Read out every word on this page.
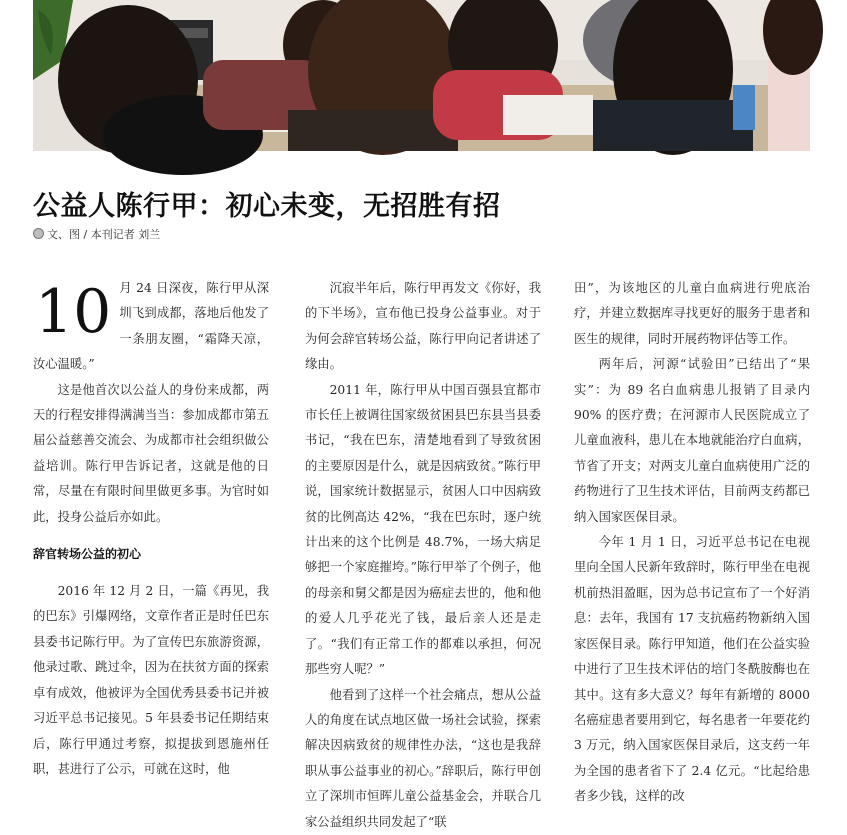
公益人陈行甲：初心未变，无招胜有招
文、图 / 本刊记者 刘兰
10 月 24 日深夜，陈行甲从深圳飞到成都，落地后他发了一条朋友圈，“霜降天凉，汝心温暖。”

这是他首次以公益人的身份来成都，两天的行程安排得满满当当：参加成都市第五届公益慈善交流会、为成都市社会组织做公益培训。陈行甲告诉记者，这就是他的日常，尽量在有限时间里做更多事。为官时如此，投身公益后亦如此。

辞官转场公益的初心

2016 年 12 月 2 日，一篇《再见，我的巴东》引爆网络，文章作者正是时任巴东县委书记陈行甲。为了宣传巴东旅游资源，他录过歌、跳过伞，因为在扶贫方面的探索卓有成效，他被评为全国优秀县委书记并被习近平总书记接见。5 年县委书记任期结束后，陈行甲通过考察，拟提拔到恩施州任职，甚进行了公示，可就在这时，他

沉寂半年后，陈行甲再发文《你好，我的下半场》，宣布他已投身公益事业。对于为何会辞官转场公益，陈行甲向记者讲述了缘由。

2011 年，陈行甲从中国百强县宜都市市长任上被调往国家级贫困县巴东县当县委书记，“我在巴东，清楚地看到了导致贫困的主要原因是什么，就是因病致贫。”陈行甲说，国家统计数据显示，贫困人口中因病致贫的比例高达 42%，“我在巴东时，逐户统计出来的这个比例是 48.7%，一场大病足够把一个家庭摧垮。”陈行甲举了个例子，他的母亲和舅父都是因为癌症去世的，他和他的爱人几乎花光了钱，最后亲人还是走了。“我们有正常工作的都难以承担，何况那些穷人呢？”

他看到了这样一个社会痛点，想从公益人的角度在试点地区做一场社会试验，探索解决因病致贫的规律性办法，“这也是我辞职从事公益事业的初心。”辞职后，陈行甲创立了深圳市恒晖儿童公益基金会，并联合几家公益组织共同发起了“联

田”，为该地区的儿童白血病进行兜底治疗，并建立数据库寻找更好的服务于患者和医生的规律，同时开展药物评估等工作。

两年后，河源“试验田”已结出了“果实”：为 89 名白血病患儿报销了目录内 90% 的医疗费；在河源市人民医院成立了儿童血液科，患儿在本地就能治疗白血病，节省了开支；对两支儿童白血病使用广泛的药物进行了卫生技术评估，目前两支药都已纳入国家医保目录。

今年 1 月 1 日，习近平总书记在电视里向全国人民新年致辞时，陈行甲坐在电视机前热泪盈眶，因为总书记宣布了一个好消息：去年，我国有 17 支抗癌药物新纳入国家医保目录。陈行甲知道，他们在公益实验中进行了卫生技术评估的培门冬酰胺酶也在其中。这有多大意义？每年有新增的 8000 名癌症患者要用到它，每名患者一年要花约 3 万元，纳入国家医保目录后，这支药一年为全国的患者省下了 2.4 亿元。“比起给患者多少钱，这样的改
